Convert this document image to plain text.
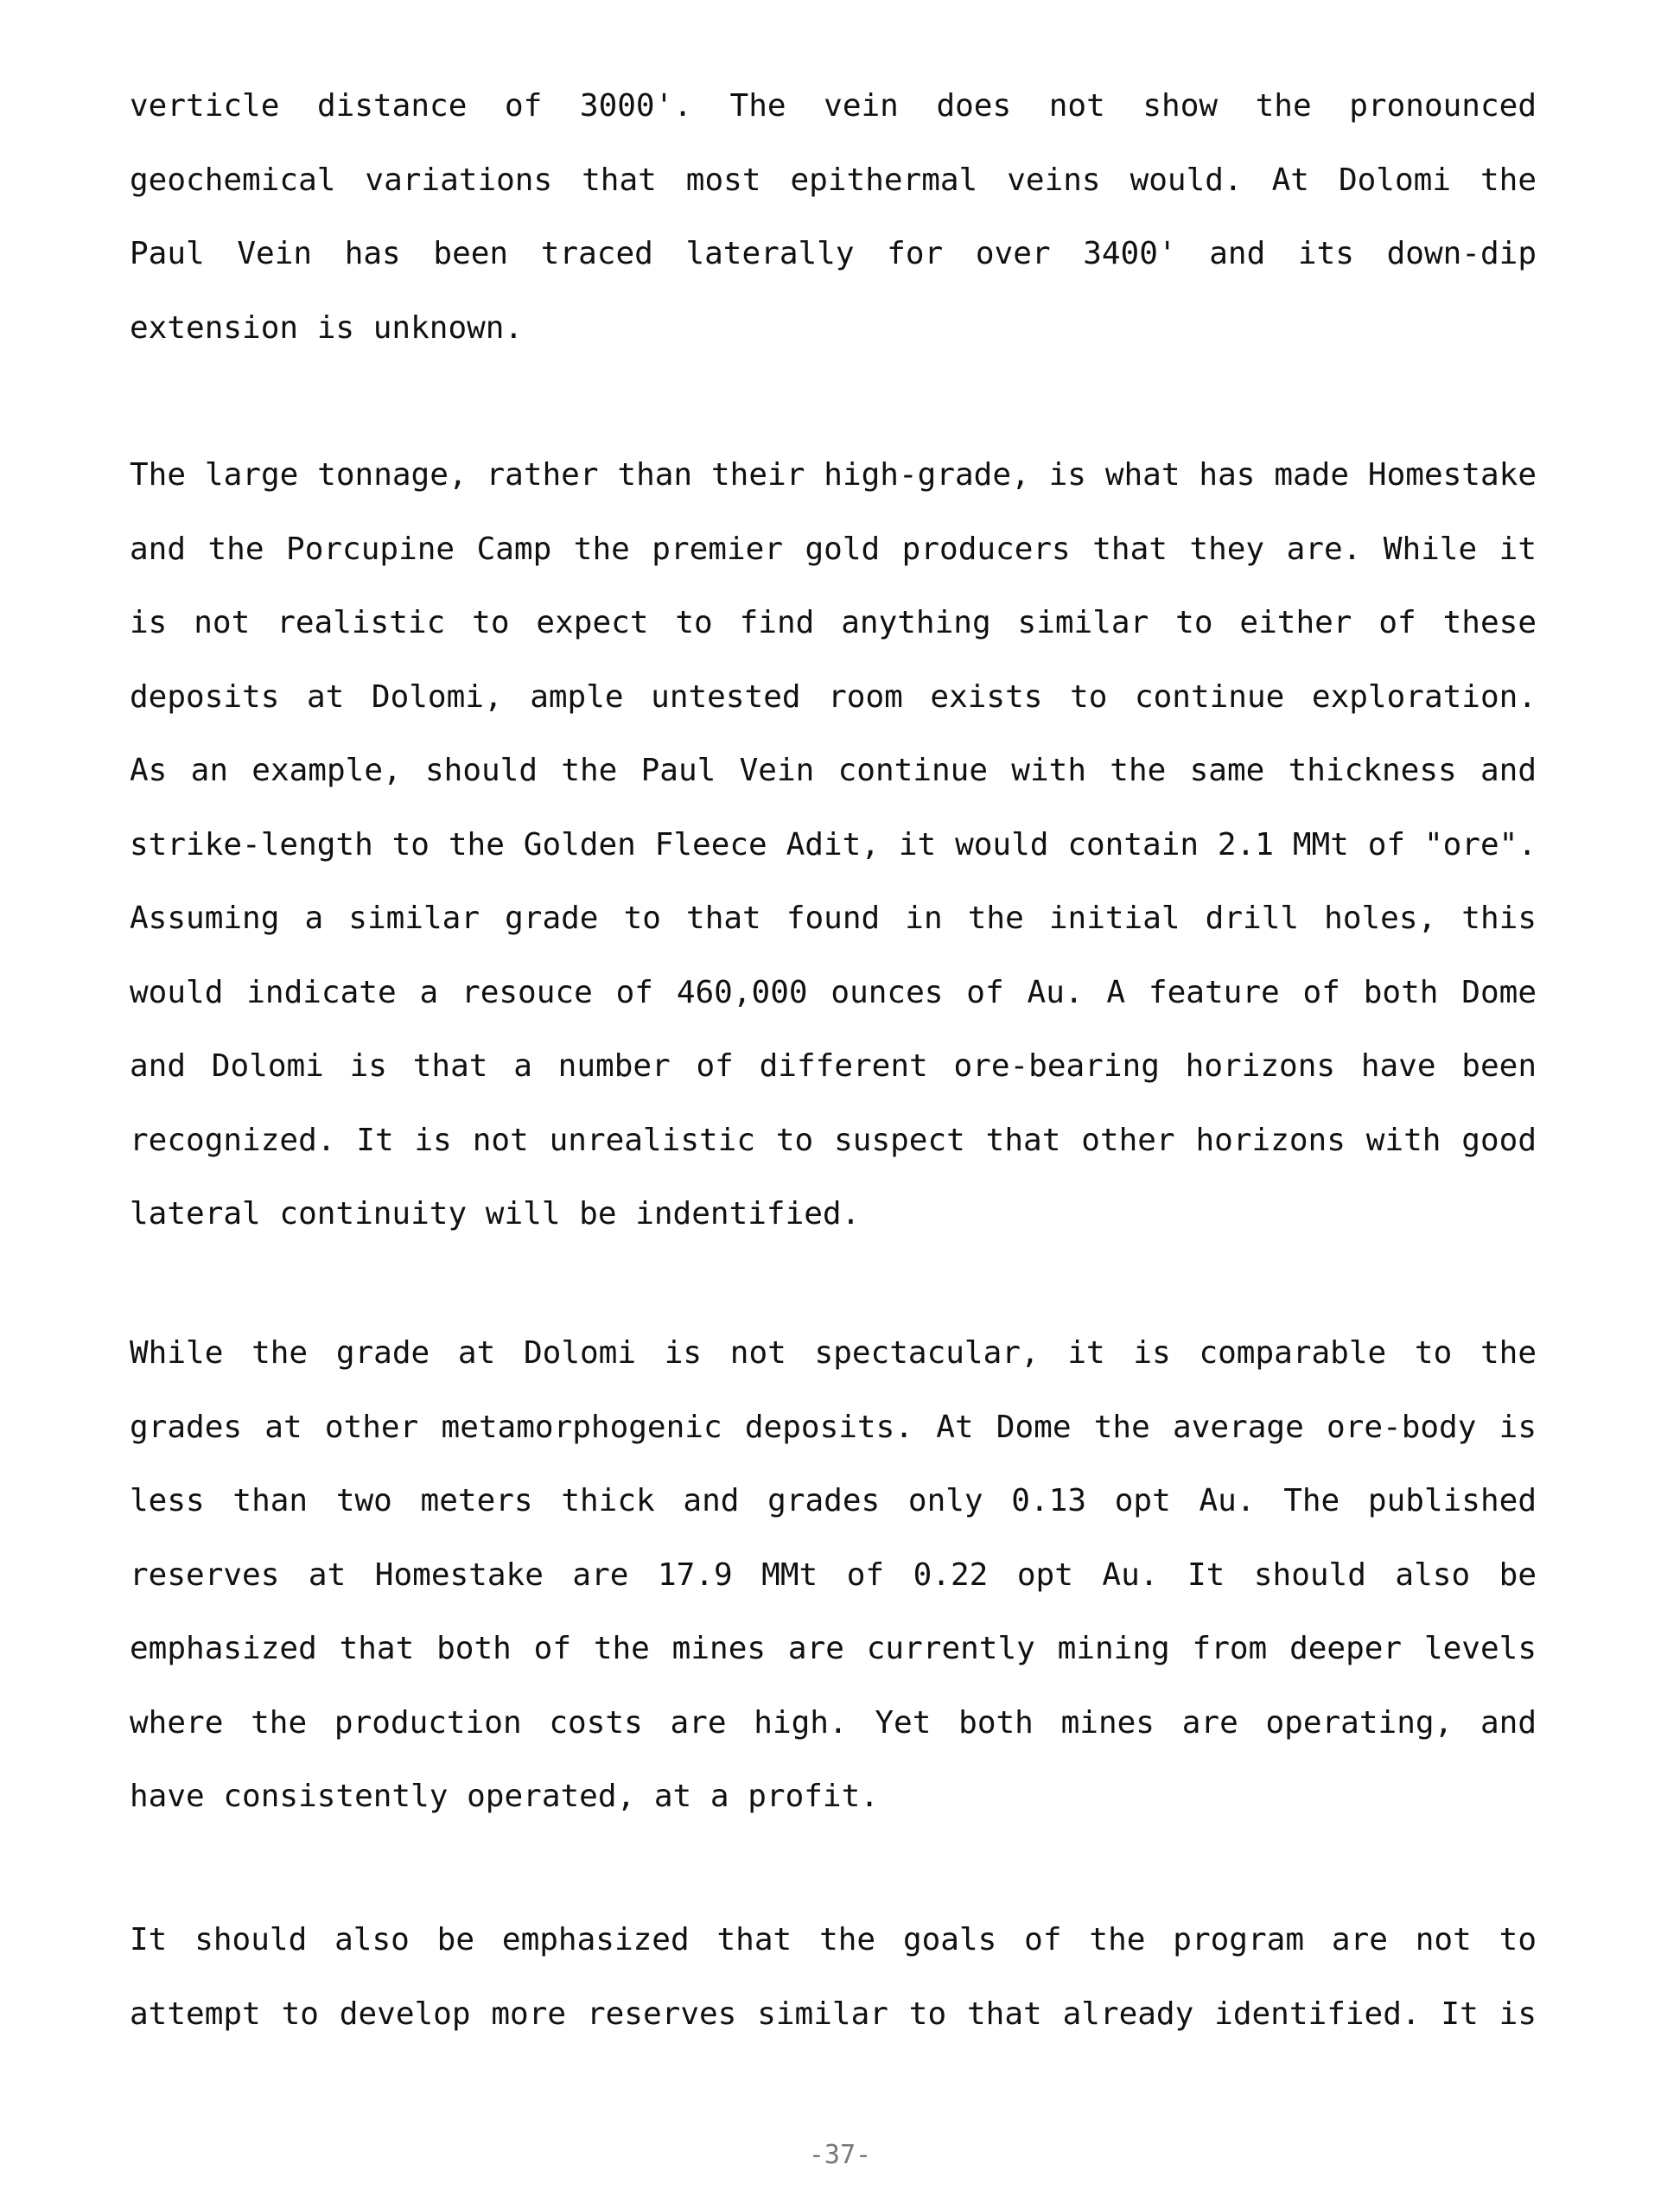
verticle distance of 3000'. The vein does not show the pronounced
geochemical variations that most epithermal veins would. At Dolomi the
Paul Vein has been traced laterally for over 3400' and its down-dip
extension is unknown.
The large tonnage, rather than their high-grade, is what has made Homestake
and the Porcupine Camp the premier gold producers that they are. While it
is not realistic to expect to find anything similar to either of these
deposits at Dolomi, ample untested room exists to continue exploration.
As an example, should the Paul Vein continue with the same thickness and
strike-length to the Golden Fleece Adit, it would contain 2.1 MMt of "ore".
Assuming a similar grade to that found in the initial drill holes, this
would indicate a resouce of 460,000 ounces of Au. A feature of both Dome
and Dolomi is that a number of different ore-bearing horizons have been
recognized. It is not unrealistic to suspect that other horizons with good
lateral continuity will be indentified.
While the grade at Dolomi is not spectacular, it is comparable to the
grades at other metamorphogenic deposits. At Dome the average ore-body is
less than two meters thick and grades only 0.13 opt Au. The published
reserves at Homestake are 17.9 MMt of 0.22 opt Au. It should also be
emphasized that both of the mines are currently mining from deeper levels
where the production costs are high. Yet both mines are operating, and
have consistently operated, at a profit.
It should also be emphasized that the goals of the program are not to
attempt to develop more reserves similar to that already identified. It is
-37-
